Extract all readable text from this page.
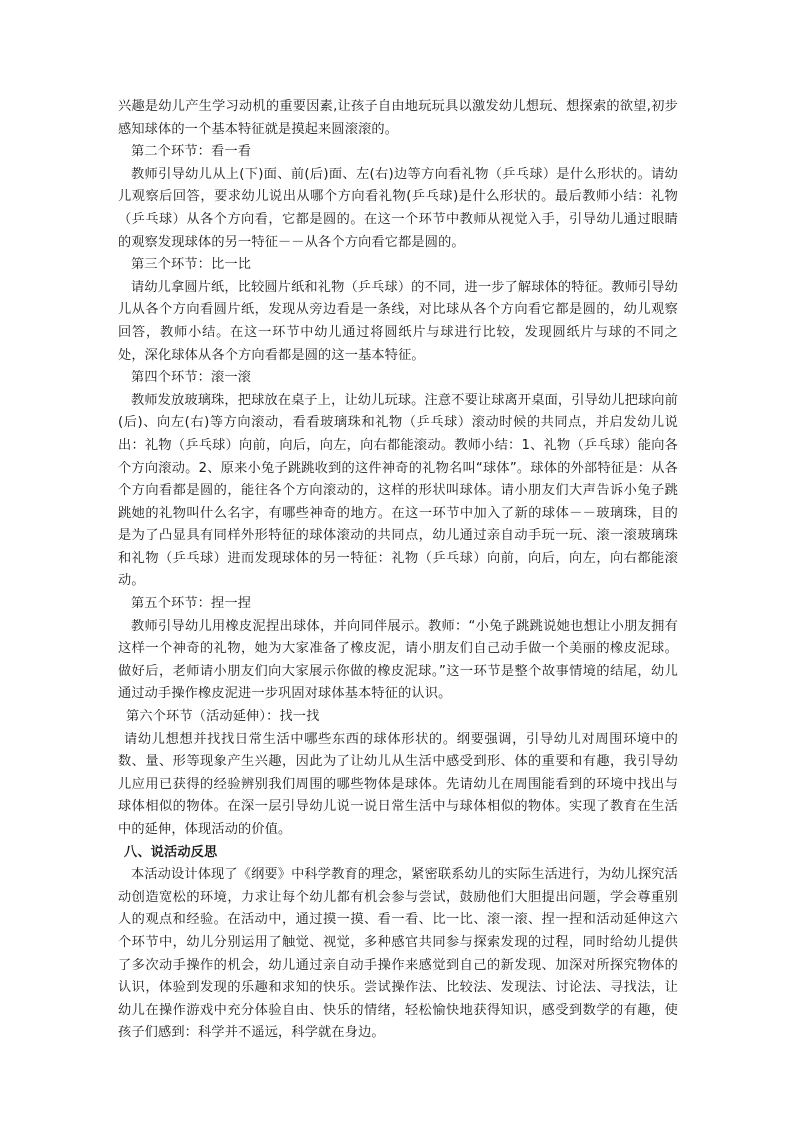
兴趣是幼儿产生学习动机的重要因素,让孩子自由地玩玩具以激发幼儿想玩、想探索的欲望,初步感知球体的一个基本特征就是摸起来圆滚滚的。

第二个环节：看一看

教师引导幼儿从上(下)面、前(后)面、左(右)边等方向看礼物（乒乓球）是什么形状的。请幼儿观察后回答，要求幼儿说出从哪个方向看礼物(乒乓球)是什么形状的。最后教师小结：礼物（乒乓球）从各个方向看，它都是圆的。在这一个环节中教师从视觉入手，引导幼儿通过眼睛的观察发现球体的另一特征－－从各个方向看它都是圆的。

第三个环节：比一比

请幼儿拿圆片纸，比较圆片纸和礼物（乒乓球）的不同，进一步了解球体的特征。教师引导幼儿从各个方向看圆片纸，发现从旁边看是一条线，对比球从各个方向看它都是圆的，幼儿观察回答，教师小结。在这一环节中幼儿通过将圆纸片与球进行比较，发现圆纸片与球的不同之处，深化球体从各个方向看都是圆的这一基本特征。

第四个环节：滚一滚

教师发放玻璃珠，把球放在桌子上，让幼儿玩球。注意不要让球离开桌面，引导幼儿把球向前(后)、向左(右)等方向滚动，看看玻璃珠和礼物（乒乓球）滚动时候的共同点，并启发幼儿说出：礼物（乒乓球）向前，向后，向左，向右都能滚动。教师小结：1、礼物（乒乓球）能向各个方向滚动。2、原来小兔子跳跳收到的这件神奇的礼物名叫“球体”。球体的外部特征是：从各个方向看都是圆的，能往各个方向滚动的，这样的形状叫球体。请小朋友们大声告诉小兔子跳跳她的礼物叫什么名字，有哪些神奇的地方。在这一环节中加入了新的球体－－玻璃珠，目的是为了凸显具有同样外形特征的球体滚动的共同点，幼儿通过亲自动手玩一玩、滚一滚玻璃珠和礼物（乒乓球）进而发现球体的另一特征：礼物（乒乓球）向前，向后，向左，向右都能滚动。

第五个环节：捏一捏

教师引导幼儿用橡皮泥捏出球体，并向同伴展示。教师：“小兔子跳跳说她也想让小朋友拥有这样一个神奇的礼物，她为大家准备了橡皮泥，请小朋友们自己动手做一个美丽的橡皮泥球。做好后，老师请小朋友们向大家展示你做的橡皮泥球。”这一环节是整个故事情境的结尾，幼儿通过动手操作橡皮泥进一步巩固对球体基本特征的认识。

第六个环节（活动延伸）：找一找

请幼儿想想并找找日常生活中哪些东西的球体形状的。纲要强调，引导幼儿对周围环境中的数、量、形等现象产生兴趣，因此为了让幼儿从生活中感受到形、体的重要和有趣，我引导幼儿应用已获得的经验辨别我们周围的哪些物体是球体。先请幼儿在周围能看到的环境中找出与球体相似的物体。在深一层引导幼儿说一说日常生活中与球体相似的物体。实现了教育在生活中的延伸，体现活动的价值。

八、说活动反思

本活动设计体现了《纲要》中科学教育的理念，紧密联系幼儿的实际生活进行，为幼儿探究活动创造宽松的环境，力求让每个幼儿都有机会参与尝试，鼓励他们大胆提出问题，学会尊重别人的观点和经验。在活动中，通过摸一摸、看一看、比一比、滚一滚、捏一捏和活动延伸这六个环节中，幼儿分别运用了触觉、视觉，多种感官共同参与探索发现的过程，同时给幼儿提供了多次动手操作的机会，幼儿通过亲自动手操作来感觉到自己的新发现、加深对所探究物体的认识，体验到发现的乐趣和求知的快乐。尝试操作法、比较法、发现法、讨论法、寻找法，让幼儿在操作游戏中充分体验自由、快乐的情绪，轻松愉快地获得知识，感受到数学的有趣，使孩子们感到：科学并不遥远，科学就在身边。
